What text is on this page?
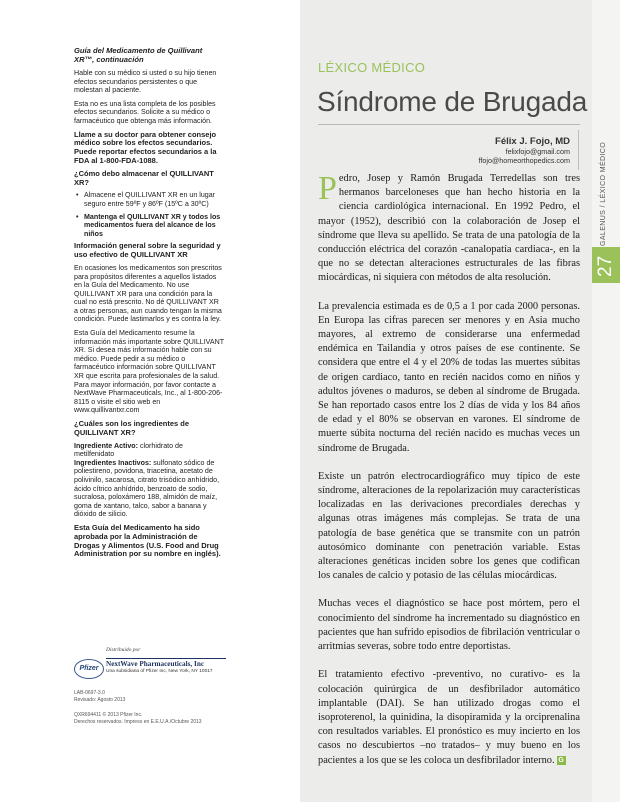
Guía del Medicamento de Quillivant XR™, continuación
Hable con su médico si usted o su hijo tienen efectos secundarios persistentes o que molestan al paciente.
Esta no es una lista completa de los posibles efectos secundarios. Solicite a su médico o farmacéutico que obtenga más información.
Llame a su doctor para obtener consejo médico sobre los efectos secundarios. Puede reportar efectos secundarios a la FDA al 1-800-FDA-1088.
¿Cómo debo almacenar el QUILLIVANT XR?
• Almacene el QUILLIVANT XR en un lugar seguro entre 59ºF y 86ºF (15ºC a 30ºC)
• Mantenga el QUILLIVANT XR y todos los medicamentos fuera del alcance de los niños
Información general sobre la seguridad y uso efectivo de QUILLIVANT XR
En ocasiones los medicamentos son prescritos para propósitos diferentes a aquellos listados en la Guía del Medicamento. No use QUILLIVANT XR para una condición para la cual no está prescrito. No dé QUILLIVANT XR a otras personas, aun cuando tengan la misma condición. Puede lastimarlos y es contra la ley.
Esta Guía del Medicamento resume la información más importante sobre QUILLIVANT XR. Si desea más información hable con su médico. Puede pedir a su médico o farmacéutico información sobre QUILLIVANT XR que escrita para profesionales de la salud. Para mayor información, por favor contacte a NextWave Pharmaceuticals, Inc., al 1-800-206-8115 o visite el sitio web en www.quillivantxr.com
¿Cuáles son los ingredientes de QUILLIVANT XR?
Ingrediente Activo: clorhidrato de metilfenidato
Ingredientes Inactivos: sulfonato sódico de poliestireno, povidona, triacetina, acetato de polivinilo, sacarosa, citrato trisódico anhídrido, ácido cítrico anhídrido, benzoato de sodio, sucralosa, poloxámero 188, almidón de maíz, goma de xantano, talco, sabor a banana y dióxido de silicio.
Esta Guía del Medicamento ha sido aprobada por la Administración de Drogas y Alimentos (U.S. Food and Drug Administration por su nombre en inglés).
Distribuido por
Pfizer
NextWave Pharmaceuticals, Inc
Una subsidiaria of Pfizer Inc, New York, NY 10017
LAB-0697-3.0
Revisado: Agosto 2013
QXR694411 © 2013 Pfizer Inc.
Derechos reservados. Impreso en E.E.U.A./Octubre 2013
LÉXICO MÉDICO
Síndrome de Brugada
Félix J. Fojo, MD
felixfojo@gmail.com
ffojo@homeorthopedics.com

Pedro, Josep y Ramón Brugada Terredellas son tres hermanos barceloneses que han hecho historia en la ciencia cardiológica internacional. En 1992 Pedro, el mayor (1952), describió con la colaboración de Josep el síndrome que lleva su apellido. Se trata de una patología de la conducción eléctrica del corazón -canalopatía cardiaca-, en la que no se detectan alteraciones estructurales de las fibras miocárdicas, ni siquiera con métodos de alta resolución.

La prevalencia estimada es de 0,5 a 1 por cada 2000 personas. En Europa las cifras parecen ser menores y en Asia mucho mayores, al extremo de considerarse una enfermedad endémica en Tailandia y otros países de ese continente. Se considera que entre el 4 y el 20% de todas las muertes súbitas de origen cardiaco, tanto en recién nacidos como en niños y adultos jóvenes o maduros, se deben al síndrome de Brugada. Se han reportado casos entre los 2 días de vida y los 84 años de edad y el 80% se observan en varones. El síndrome de muerte súbita nocturna del recién nacido es muchas veces un síndrome de Brugada.

Existe un patrón electrocardiográfico muy típico de este síndrome, alteraciones de la repolarización muy características localizadas en las derivaciones precordiales derechas y algunas otras imágenes más complejas. Se trata de una patología de base genética que se transmite con un patrón autosómico dominante con penetración variable. Estas alteraciones genéticas inciden sobre los genes que codifican los canales de calcio y potasio de las células miocárdicas.

Muchas veces el diagnóstico se hace post mórtem, pero el conocimiento del síndrome ha incrementado su diagnóstico en pacientes que han sufrido episodios de fibrilación ventricular o arritmias severas, sobre todo entre deportistas.

El tratamiento efectivo -preventivo, no curativo- es la colocación quirúrgica de un desfibrilador automático implantable (DAI). Se han utilizado drogas como el isoproterenol, la quinidina, la disopiramida y la orciprenalina con resultados variables. El pronóstico es muy incierto en los casos no descubiertos –no tratados– y muy bueno en los pacientes a los que se les coloca un desfibrilador interno. G

GALENUS / LÉXICO MÉDICO
27
